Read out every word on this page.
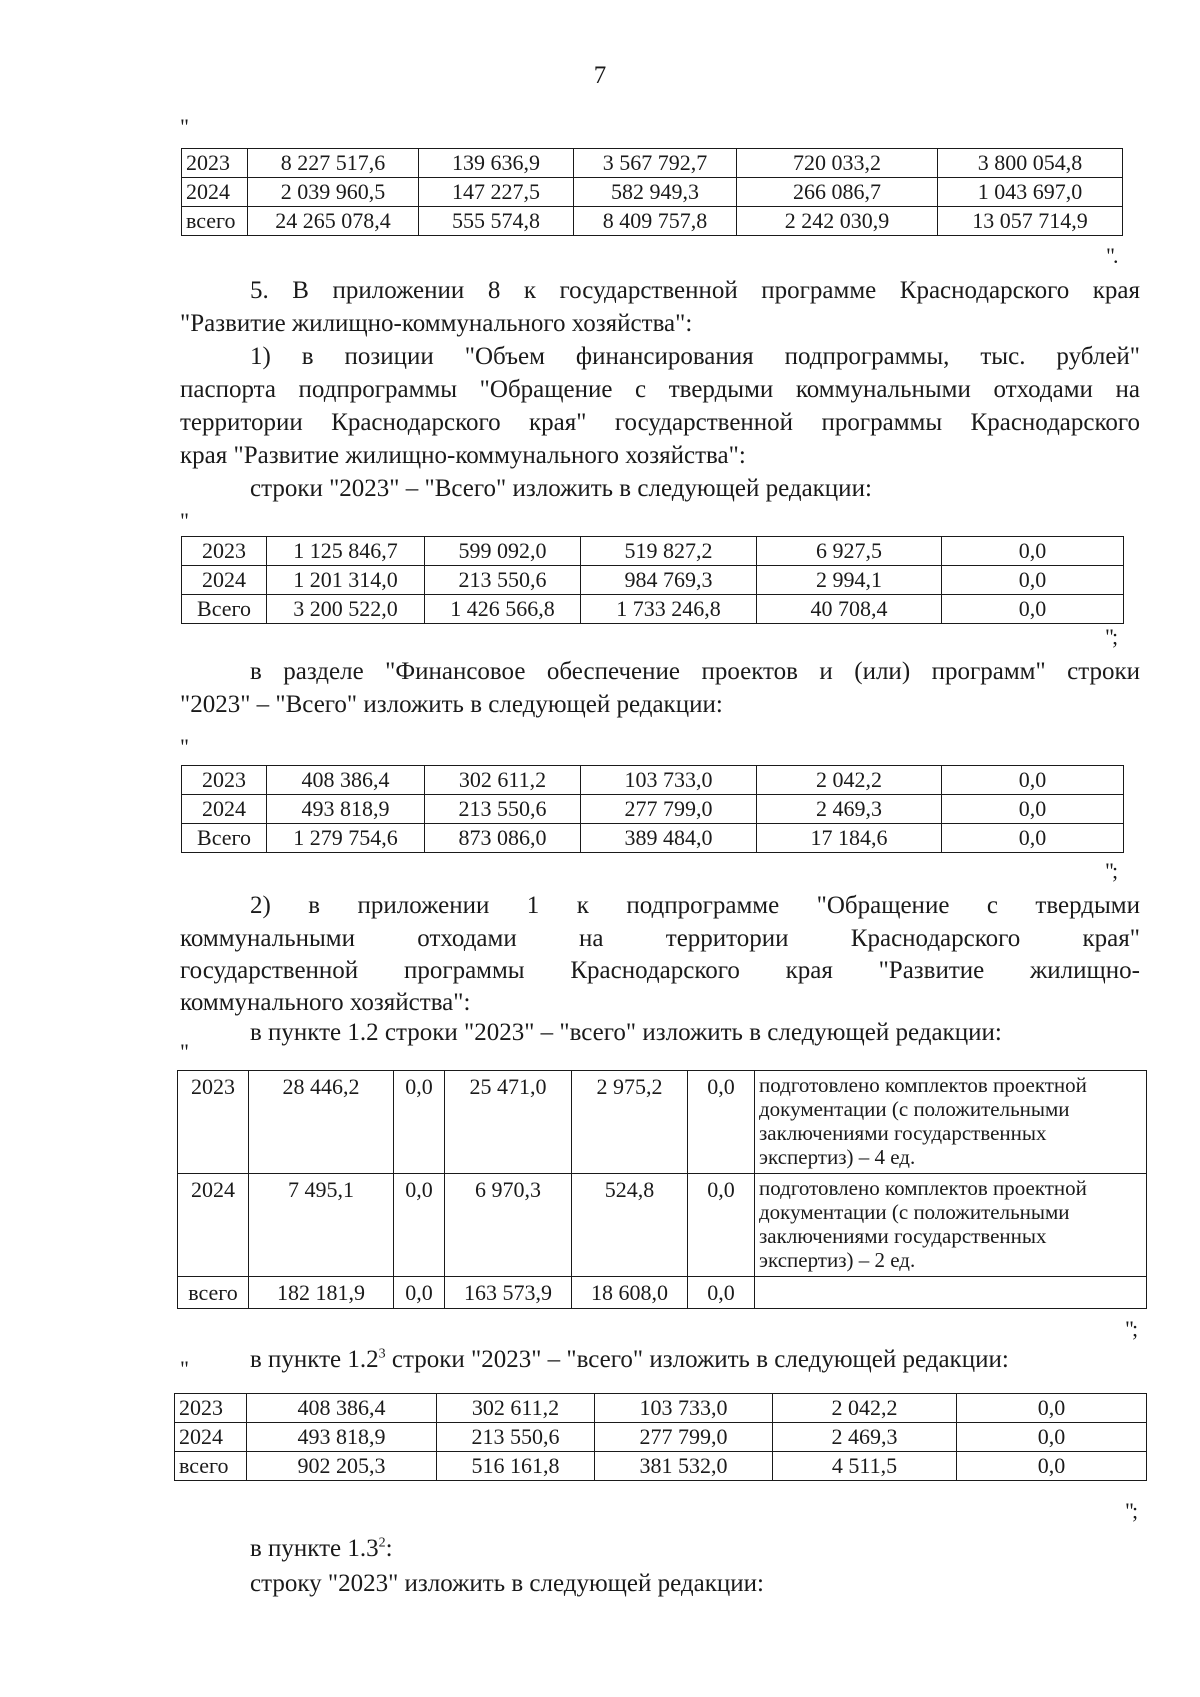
7
"
2023	8 227 517,6	139 636,9	3 567 792,7	720 033,2	3 800 054,8
2024	2 039 960,5	147 227,5	582 949,3	266 086,7	1 043 697,0
всего	24 265 078,4	555 574,8	8 409 757,8	2 242 030,9	13 057 714,9
".
5. В приложении 8 к государственной программе Краснодарского края
"Развитие жилищно-коммунального хозяйства":
1) в позиции "Объем финансирования подпрограммы, тыс. рублей"
паспорта подпрограммы "Обращение с твердыми коммунальными отходами на
территории Краснодарского края" государственной программы Краснодарского
края "Развитие жилищно-коммунального хозяйства":
строки "2023" – "Всего" изложить в следующей редакции:
"
2023	1 125 846,7	599 092,0	519 827,2	6 927,5	0,0
2024	1 201 314,0	213 550,6	984 769,3	2 994,1	0,0
Всего	3 200 522,0	1 426 566,8	1 733 246,8	40 708,4	0,0
";
в разделе "Финансовое обеспечение проектов и (или) программ" строки
"2023" – "Всего" изложить в следующей редакции:
"
2023	408 386,4	302 611,2	103 733,0	2 042,2	0,0
2024	493 818,9	213 550,6	277 799,0	2 469,3	0,0
Всего	1 279 754,6	873 086,0	389 484,0	17 184,6	0,0
";
2) в приложении 1 к подпрограмме "Обращение с твердыми
коммунальными отходами на территории Краснодарского края"
государственной программы Краснодарского края "Развитие жилищно-
коммунального хозяйства":
в пункте 1.2 строки "2023" – "всего" изложить в следующей редакции:
"
2023	28 446,2	0,0	25 471,0	2 975,2	0,0	подготовлено комплектов проектной
документации (с положительными
заключениями государственных
экспертиз) – 4 ед.

2024	7 495,1	0,0	6 970,3	524,8	0,0	подготовлено комплектов проектной
документации (с положительными
заключениями государственных
экспертиз) – 2 ед.

всего	182 181,9	0,0	163 573,9	18 608,0	0,0	
";
"	в пункте $1.2^3$ строки "2023" – "всего" изложить в следующей редакции:
2023	408 386,4	302 611,2	103 733,0	2 042,2	0,0
2024	493 818,9	213 550,6	277 799,0	2 469,3	0,0
всего	902 205,3	516 161,8	381 532,0	4 511,5	0,0
";
в пункте $1.3^2$:
строку "2023" изложить в следующей редакции:
